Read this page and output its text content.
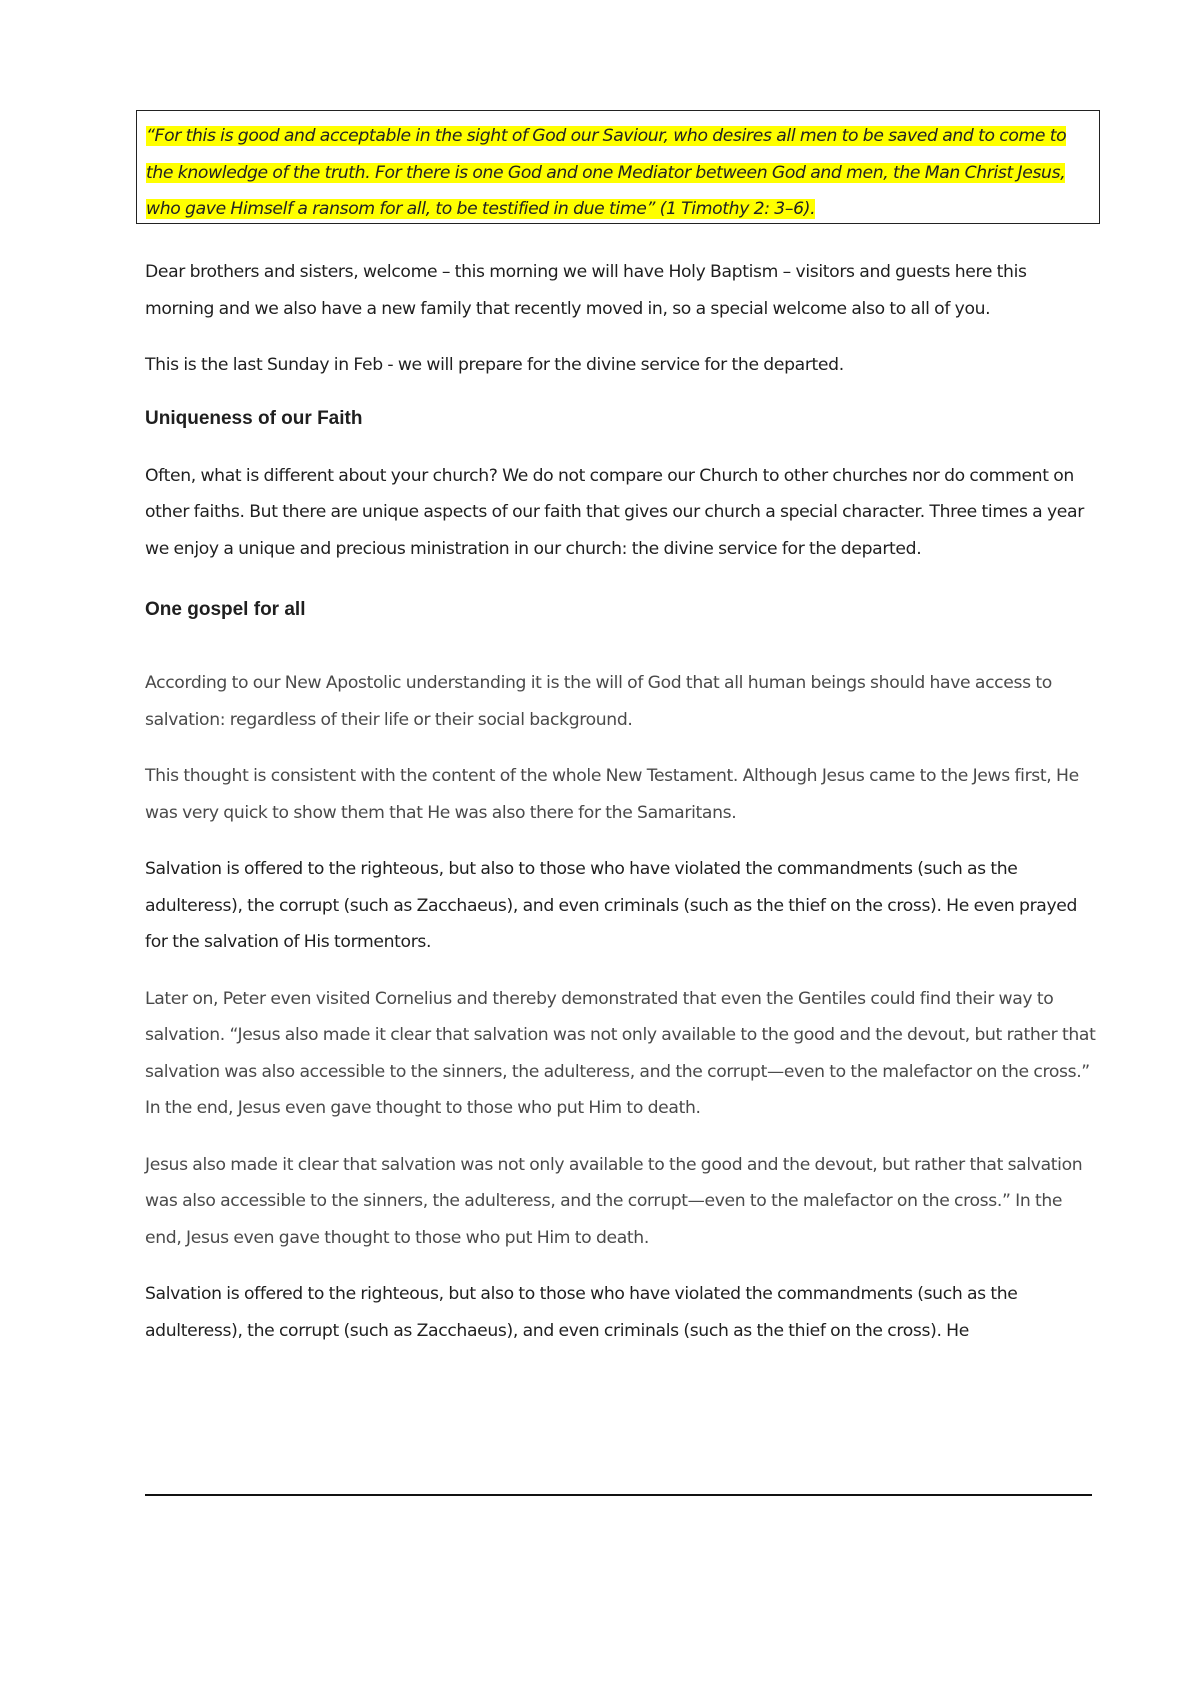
“For this is good and acceptable in the sight of God our Saviour, who desires all men to be saved and to come to the knowledge of the truth. For there is one God and one Mediator between God and men, the Man Christ Jesus, who gave Himself a ransom for all, to be testified in due time” (1 Timothy 2: 3–6).

Dear brothers and sisters, welcome – this morning we will have Holy Baptism – visitors and guests here this morning and we also have a new family that recently moved in, so a special welcome also to all of you.

This is the last Sunday in Feb - we will prepare for the divine service for the departed.

Uniqueness of our Faith

Often, what is different about your church? We do not compare our Church to other churches nor do comment on other faiths. But there are unique aspects of our faith that gives our church a special character. Three times a year we enjoy a unique and precious ministration in our church: the divine service for the departed.

One gospel for all

According to our New Apostolic understanding it is the will of God that all human beings should have access to salvation: regardless of their life or their social background.

This thought is consistent with the content of the whole New Testament. Although Jesus came to the Jews first, He was very quick to show them that He was also there for the Samaritans.

Salvation is offered to the righteous, but also to those who have violated the commandments (such as the adulteress), the corrupt (such as Zacchaeus), and even criminals (such as the thief on the cross). He even prayed for the salvation of His tormentors.

Later on, Peter even visited Cornelius and thereby demonstrated that even the Gentiles could find their way to salvation. “Jesus also made it clear that salvation was not only available to the good and the devout, but rather that salvation was also accessible to the sinners, the adulteress, and the corrupt—even to the malefactor on the cross.” In the end, Jesus even gave thought to those who put Him to death.

Jesus also made it clear that salvation was not only available to the good and the devout, but rather that salvation was also accessible to the sinners, the adulteress, and the corrupt—even to the malefactor on the cross.” In the end, Jesus even gave thought to those who put Him to death.

Salvation is offered to the righteous, but also to those who have violated the commandments (such as the adulteress), the corrupt (such as Zacchaeus), and even criminals (such as the thief on the cross). He
